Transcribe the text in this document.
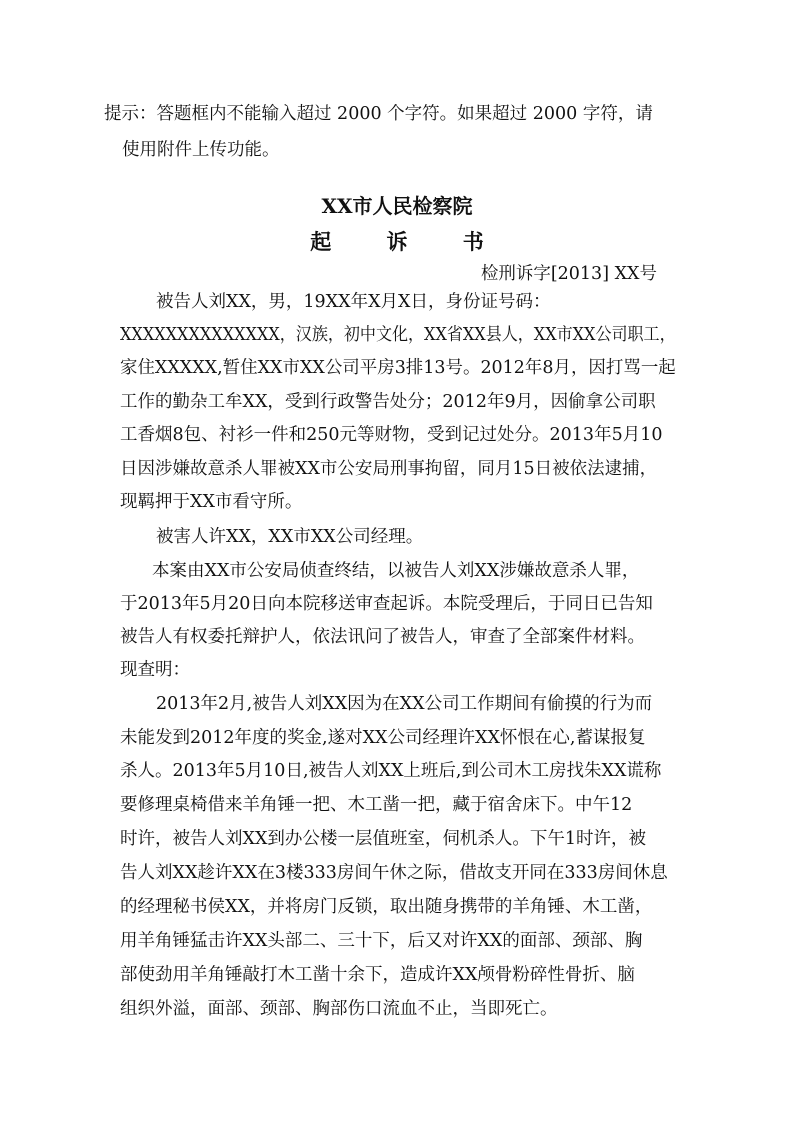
提示：答题框内不能输入超过 2000 个字符。如果超过 2000 字符，请
使用附件上传功能。
XX市人民检察院
起 诉 书
检刑诉字[2013] XX号
被告人刘XX，男，19XX年X月X日，身份证号码：
XXXXXXXXXXXXXX，汉族，初中文化，XX省XX县人，XX市XX公司职工，
家住XXXXX,暂住XX市XX公司平房3排13号。2012年8月，因打骂一起
工作的勤杂工牟XX，受到行政警告处分；2012年9月，因偷拿公司职
工香烟8包、衬衫一件和250元等财物，受到记过处分。2013年5月10
日因涉嫌故意杀人罪被XX市公安局刑事拘留，同月15日被依法逮捕，
现羁押于XX市看守所。
被害人许XX，XX市XX公司经理。
本案由XX市公安局侦查终结，以被告人刘XX涉嫌故意杀人罪，
于2013年5月20日向本院移送审查起诉。本院受理后，于同日已告知
被告人有权委托辩护人，依法讯问了被告人，审查了全部案件材料。
现查明：
2013年2月,被告人刘XX因为在XX公司工作期间有偷摸的行为而
未能发到2012年度的奖金,遂对XX公司经理许XX怀恨在心,蓄谋报复
杀人。2013年5月10日,被告人刘XX上班后,到公司木工房找朱XX谎称
要修理桌椅借来羊角锤一把、木工凿一把，藏于宿舍床下。中午12
时许，被告人刘XX到办公楼一层值班室，伺机杀人。下午1时许，被
告人刘XX趁许XX在3楼333房间午休之际，借故支开同在333房间休息
的经理秘书侯XX，并将房门反锁，取出随身携带的羊角锤、木工凿，
用羊角锤猛击许XX头部二、三十下，后又对许XX的面部、颈部、胸
部使劲用羊角锤敲打木工凿十余下，造成许XX颅骨粉碎性骨折、脑
组织外溢，面部、颈部、胸部伤口流血不止，当即死亡。
